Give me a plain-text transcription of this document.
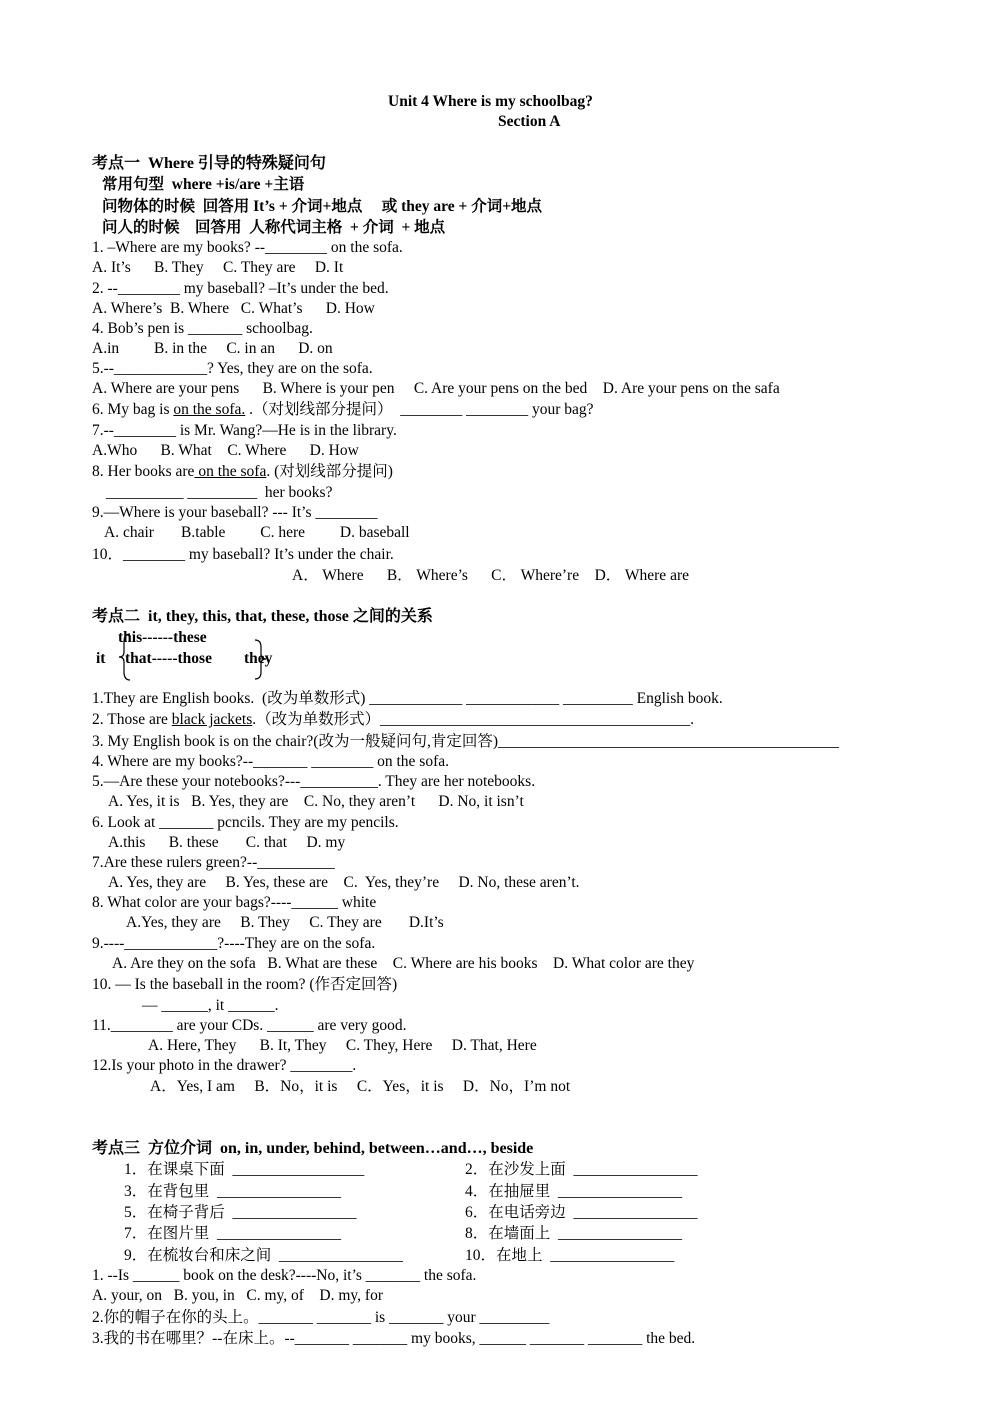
Unit 4 Where is my schoolbag?
Section A
考点一  Where 引导的特殊疑问句
常用句型  where +is/are +主语
问物体的时候  回答用 It’s + 介词+地点     或 they are + 介词+地点
问人的时候    回答用  人称代词主格  + 介词  + 地点
1. –Where are my books? --________ on the sofa.
A. It’s      B. They     C. They are     D. It
2. --________ my baseball? –It’s under the bed.
A. Where’s  B. Where   C. What’s      D. How
4. Bob’s pen is _______ schoolbag.
A.in         B. in the     C. in an      D. on
5.--____________? Yes, they are on the sofa.
A. Where are your pens      B. Where is your pen     C. Are your pens on the bed    D. Are your pens on the safa
6. My bag is on the sofa. .（对划线部分提问）  ________ ________ your bag?
7.--________ is Mr. Wang?—He is in the library.
A.Who      B. What    C. Where      D. How
8. Her books are on the sofa. (对划线部分提问)
__________ _________  her books?
9.—Where is your baseball? --- It’s ________
A. chair       B.table         C. here         D. baseball
10．________ my baseball? It’s under the chair.
A． Where      B． Where’s      C． Where’re    D． Where are
考点二  it, they, this, that, these, those 之间的关系
this------these
it that-----those they
1.They are English books.  (改为单数形式) ____________ ____________ _________ English book.
2. Those are black jackets.（改为单数形式）________________________________________.
3. My English book is on the chair?(改为一般疑问句,肯定回答)____________________________________________
4. Where are my books?--_______ ________ on the sofa.
5.—Are these your notebooks?---__________. They are her notebooks.
A. Yes, it is   B. Yes, they are    C. No, they aren’t      D. No, it isn’t
6. Look at _______ pcncils. They are my pencils.
A.this      B. these       C. that     D. my
7.Are these rulers green?--__________
A. Yes, they are     B. Yes, these are    C.  Yes, they’re     D. No, these aren’t.
8. What color are your bags?----______ white
A.Yes, they are     B. They     C. They are       D.It’s
9.----____________?----They are on the sofa.
A. Are they on the sofa   B. What are these    C. Where are his books    D. What color are they
10. — Is the baseball in the room? (作否定回答)
— ______, it ______.
11.________ are your CDs. ______ are very good.
A. Here, They      B. It, They     C. They, Here     D. That, Here
12.Is your photo in the drawer? ________.
A．Yes, I am     B．No，it is     C．Yes，it is     D．No，I’m not
考点三  方位介词  on, in, under, behind, between…and…, beside
1．在课桌下面  _________________	2．在沙发上面  ________________
3．在背包里  ________________	4．在抽屉里  ________________
5．在椅子背后  ________________	6．在电话旁边  ________________
7．在图片里  ________________	8．在墙面上  ________________
9．在梳妆台和床之间  ________________	10．在地上  ________________
1. --Is ______ book on the desk?----No, it’s _______ the sofa.
A. your, on   B. you, in   C. my, of    D. my, for
2.你的帽子在你的头上。_______ _______ is _______ your _________
3.我的书在哪里？--在床上。--_______ _______ my books, ______ _______ _______ the bed.
